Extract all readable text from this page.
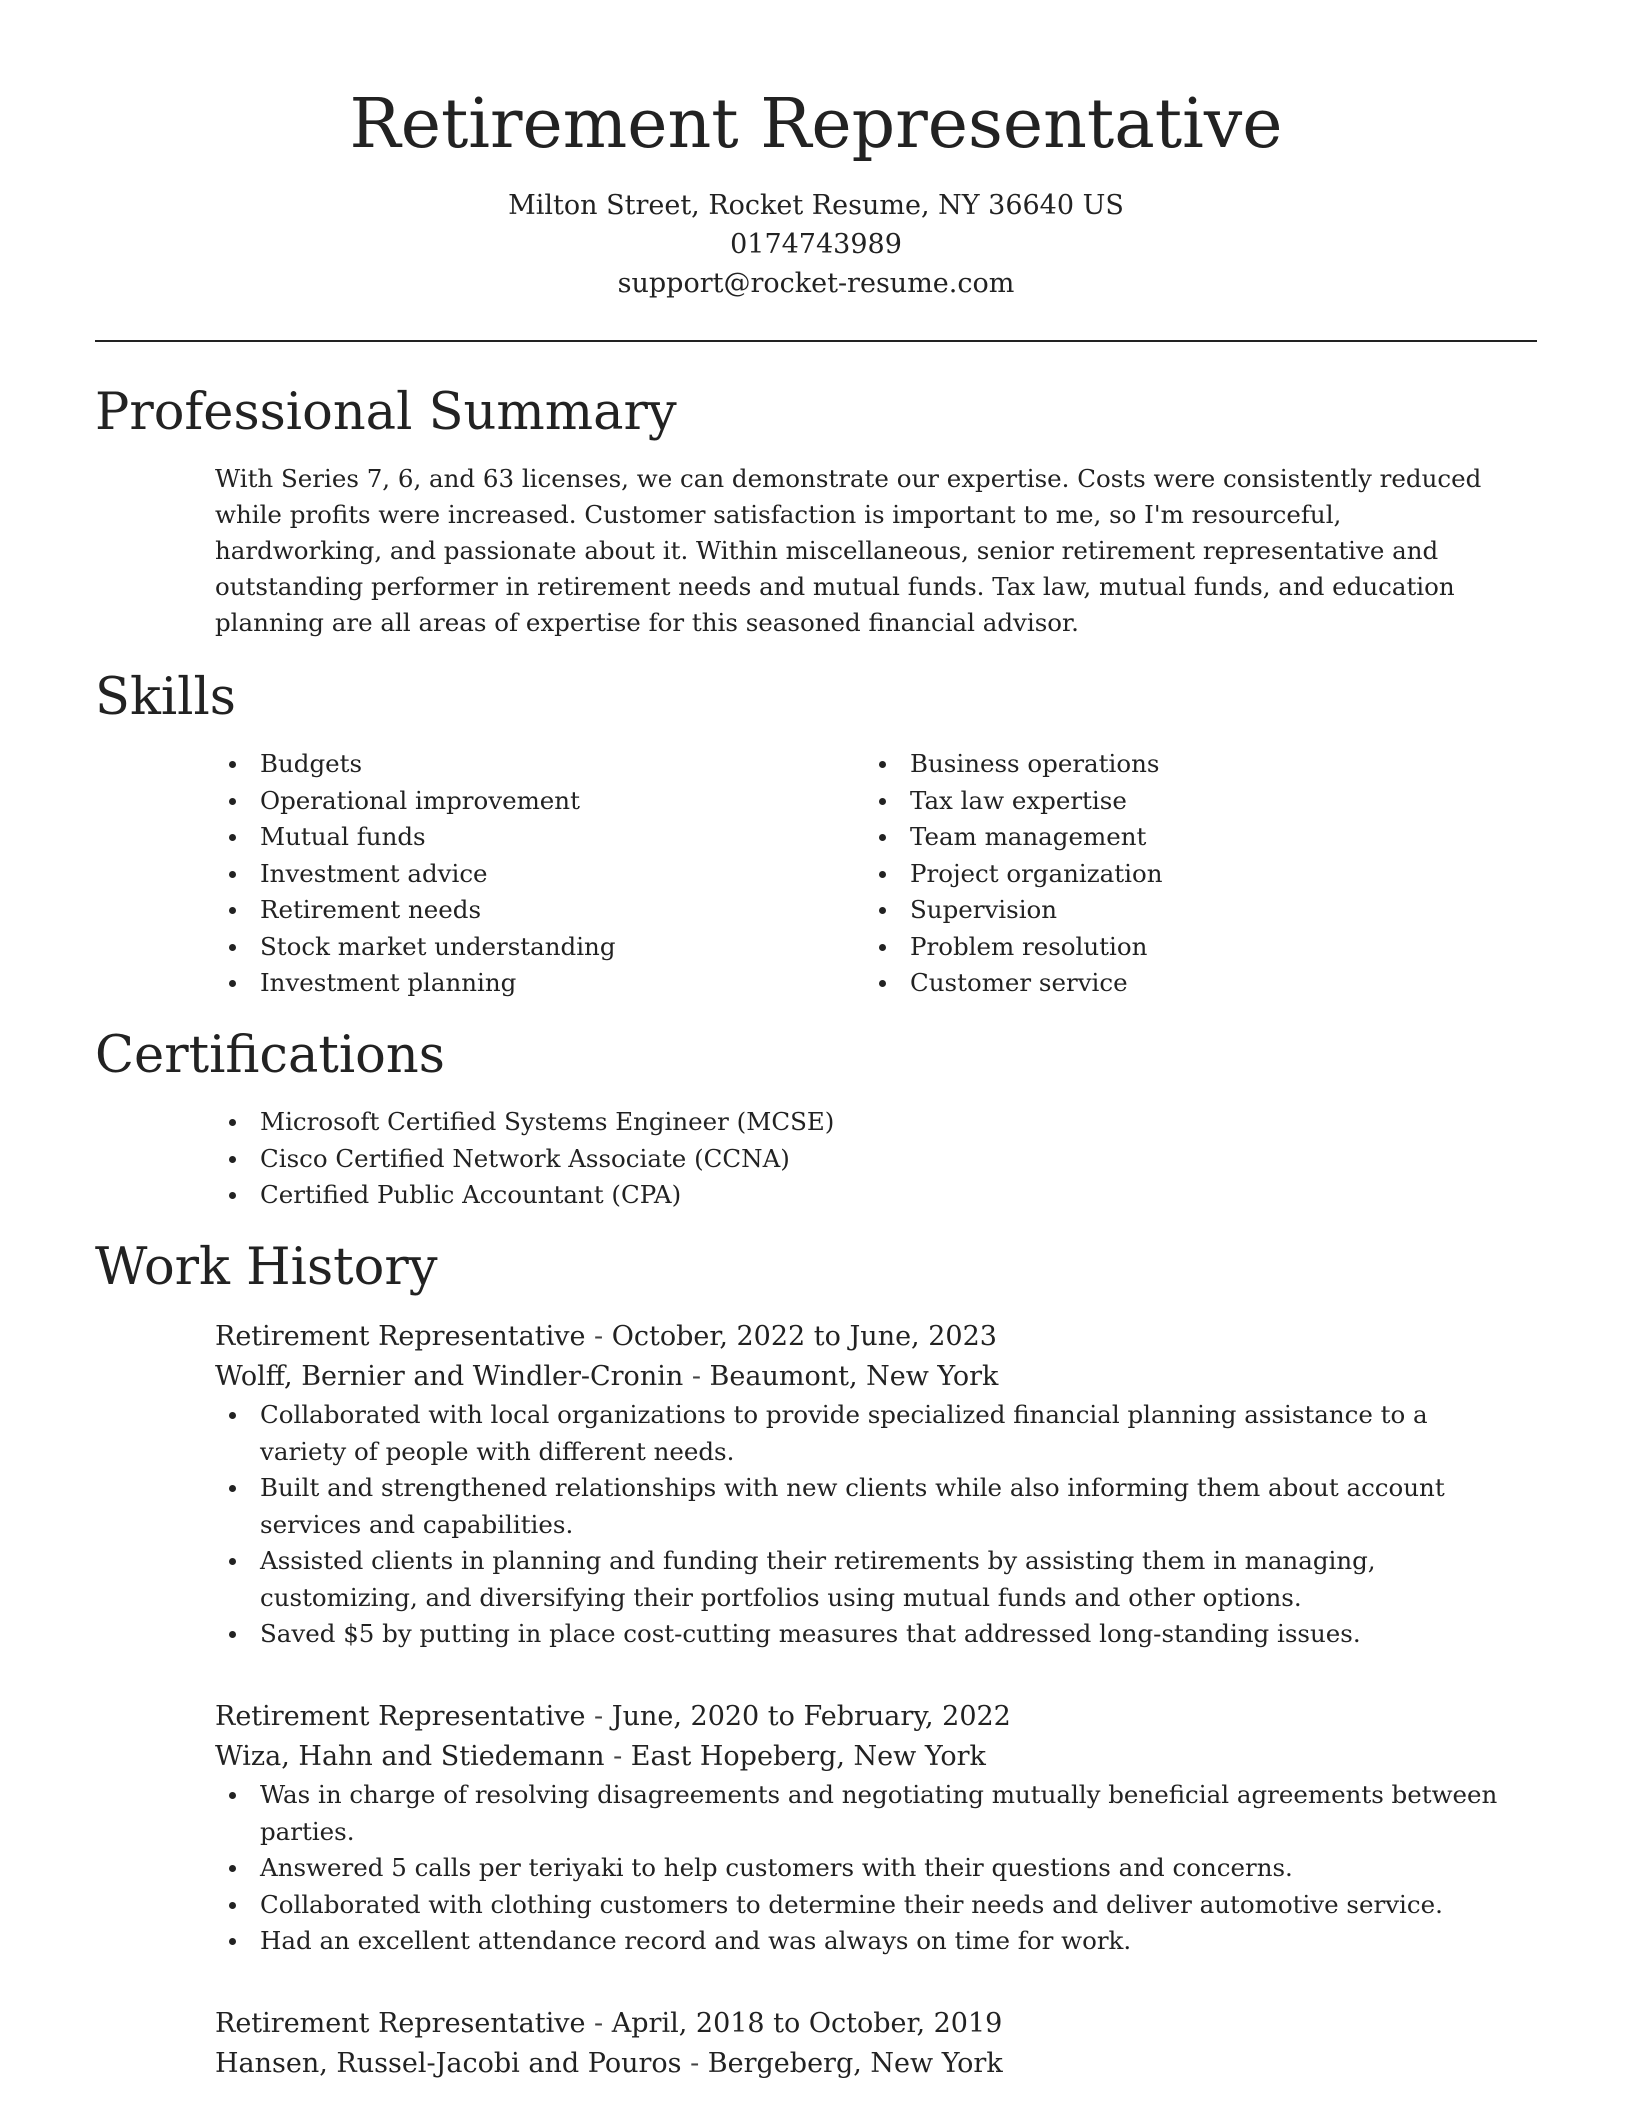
Retirement Representative

Milton Street, Rocket Resume, NY 36640 US

0174743989

support@rocket-resume.com

Professional Summary

With Series 7, 6, and 63 licenses, we can demonstrate our expertise. Costs were consistently reduced while profits were increased. Customer satisfaction is important to me, so I'm resourceful, hardworking, and passionate about it. Within miscellaneous, senior retirement representative and outstanding performer in retirement needs and mutual funds. Tax law, mutual funds, and education planning are all areas of expertise for this seasoned financial advisor.

Skills
Budgets
Operational improvement
Mutual funds
Investment advice
Retirement needs
Stock market understanding
Investment planning
Business operations
Tax law expertise
Team management
Project organization
Supervision
Problem resolution
Customer service
Certifications
Microsoft Certified Systems Engineer (MCSE)
Cisco Certified Network Associate (CCNA)
Certified Public Accountant (CPA)
Work History

Retirement Representative - October, 2022 to June, 2023

Wolff, Bernier and Windler-Cronin - Beaumont, New York

Collaborated with local organizations to provide specialized financial planning assistance to a variety of people with different needs.
Built and strengthened relationships with new clients while also informing them about account services and capabilities.
Assisted clients in planning and funding their retirements by assisting them in managing, customizing, and diversifying their portfolios using mutual funds and other options.
Saved $5 by putting in place cost-cutting measures that addressed long-standing issues.

Retirement Representative - June, 2020 to February, 2022

Wiza, Hahn and Stiedemann - East Hopeberg, New York

Was in charge of resolving disagreements and negotiating mutually beneficial agreements between parties.
Answered 5 calls per teriyaki to help customers with their questions and concerns.
Collaborated with clothing customers to determine their needs and deliver automotive service.
Had an excellent attendance record and was always on time for work.

Retirement Representative - April, 2018 to October, 2019

Hansen, Russel-Jacobi and Pouros - Bergeberg, New York
